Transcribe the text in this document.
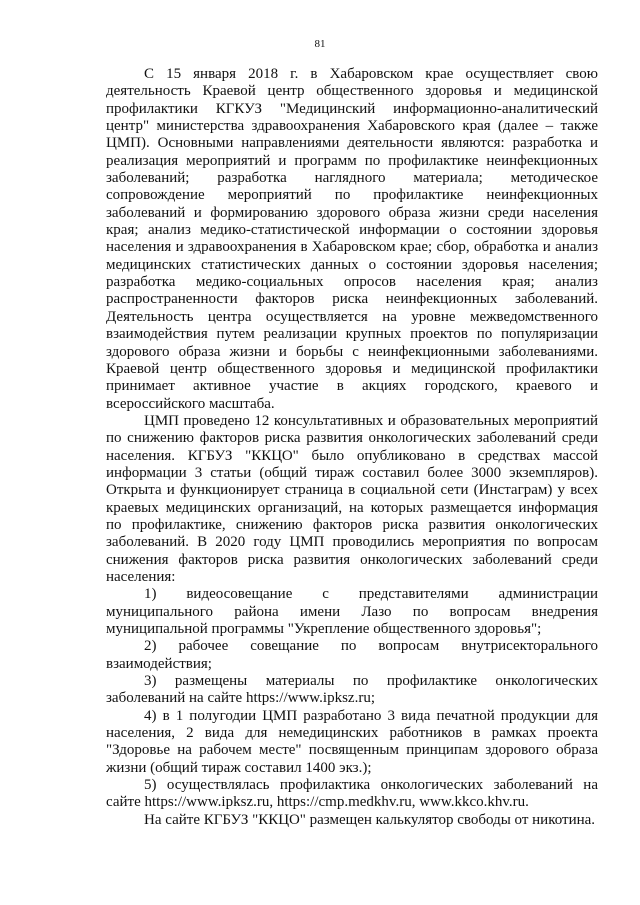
81

С 15 января 2018 г. в Хабаровском крае осуществляет свою деятельность Краевой центр общественного здоровья и медицинской профилактики КГКУЗ "Медицинский информационно-аналитический центр" министерства здравоохранения Хабаровского края (далее – также ЦМП). Основными направлениями деятельности являются: разработка и реализация мероприятий и программ по профилактике неинфекционных заболеваний; разработка наглядного материала; методическое сопровождение мероприятий по профилактике неинфекционных заболеваний и формированию здорового образа жизни среди населения края; анализ медико-статистической информации о состоянии здоровья населения и здравоохранения в Хабаровском крае; сбор, обработка и анализ медицинских статистических данных о состоянии здоровья населения; разработка медико-социальных опросов населения края; анализ распространенности факторов риска неинфекционных заболеваний. Деятельность центра осуществляется на уровне межведомственного взаимодействия путем реализации крупных проектов по популяризации здорового образа жизни и борьбы с неинфекционными заболеваниями. Краевой центр общественного здоровья и медицинской профилактики принимает активное участие в акциях городского, краевого и всероссийского масштаба.

ЦМП проведено 12 консультативных и образовательных мероприятий по снижению факторов риска развития онкологических заболеваний среди населения. КГБУЗ "ККЦО" было опубликовано в средствах массой информации 3 статьи (общий тираж составил более 3000 экземпляров). Открыта и функционирует страница в социальной сети (Инстаграм) у всех краевых медицинских организаций, на которых размещается информация по профилактике, снижению факторов риска развития онкологических заболеваний. В 2020 году ЦМП проводились мероприятия по вопросам снижения факторов риска развития онкологических заболеваний среди населения:

1) видеосовещание с представителями администрации муниципального района имени Лазо по вопросам внедрения муниципальной программы "Укрепление общественного здоровья";

2) рабочее совещание по вопросам внутрисекторального взаимодействия;

3) размещены материалы по профилактике онкологических заболеваний на сайте https://www.ipksz.ru;

4) в 1 полугодии ЦМП разработано 3 вида печатной продукции для населения, 2 вида для немедицинских работников в рамках проекта "Здоровье на рабочем месте" посвященным принципам здорового образа жизни (общий тираж составил 1400 экз.);

5) осуществлялась профилактика онкологических заболеваний на сайте https://www.ipksz.ru, https://cmp.medkhv.ru, www.kkco.khv.ru.

На сайте КГБУЗ "ККЦО" размещен калькулятор свободы от никотина.
